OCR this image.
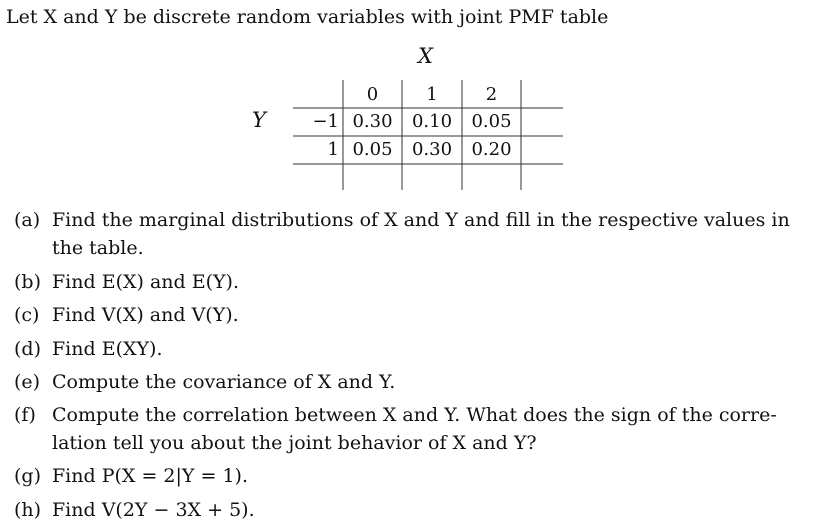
Let X and Y be discrete random variables with joint PMF table
X
Y
0	1	2
−1 0.30	0.10	0.05
1 0.05	0.30	0.20
(a) Find the marginal distributions of X and Y and fill in the respective values in
the table.
(b) Find E(X) and E(Y).
(c) Find V(X) and V(Y).
(d) Find E(XY).
(e) Compute the covariance of X and Y.
(f) Compute the correlation between X and Y. What does the sign of the corre-
lation tell you about the joint behavior of X and Y?
(g) Find P(X = 2|Y = 1).
(h) Find V(2Y − 3X + 5).
